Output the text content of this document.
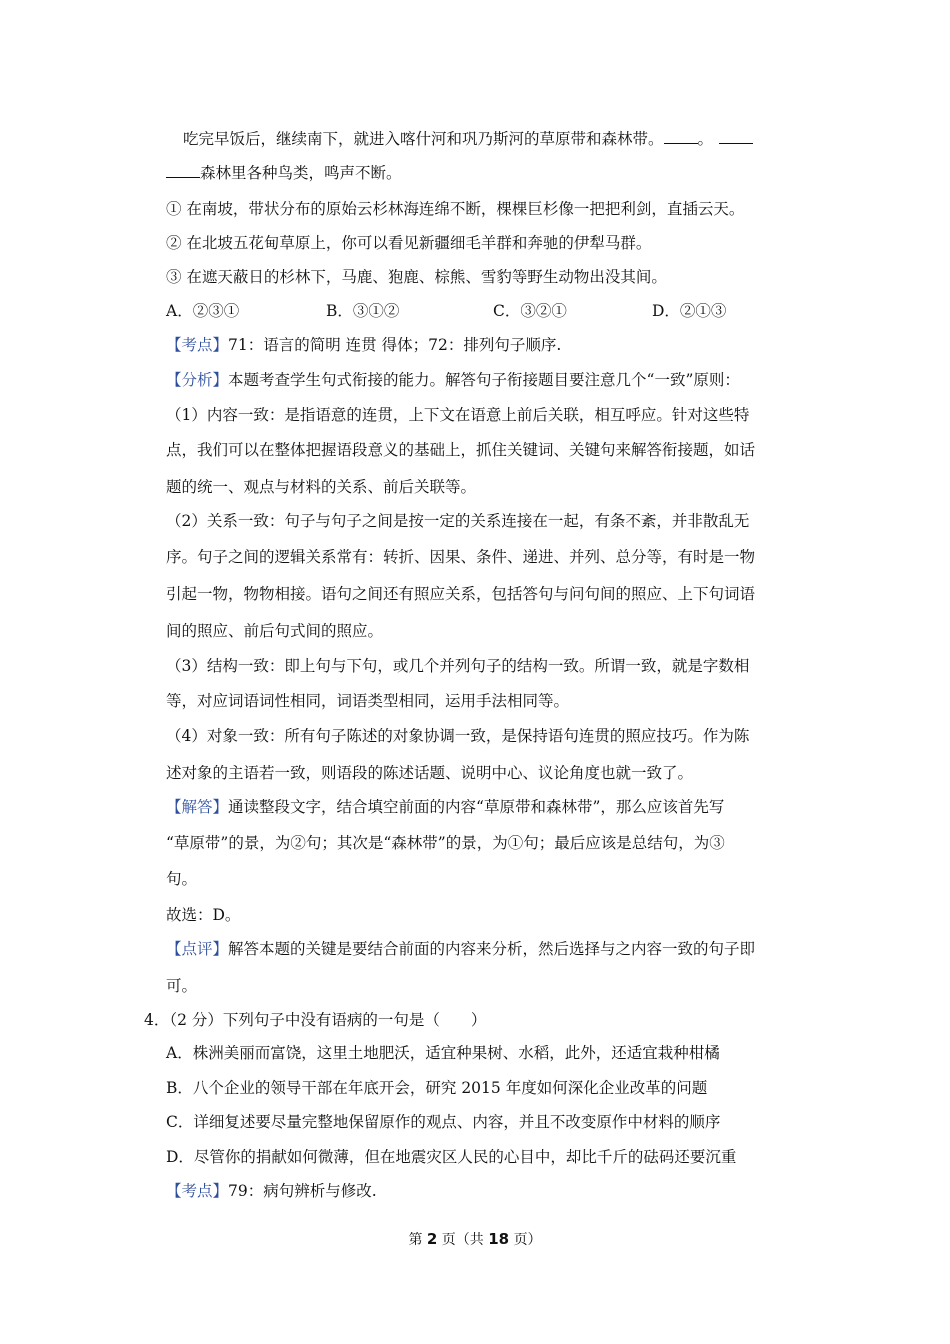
吃完早饭后，继续南下，就进入喀什河和巩乃斯河的草原带和森林带。 。
森林里各种鸟类，鸣声不断。
① 在南坡，带状分布的原始云杉林海连绵不断，棵棵巨杉像一把把利剑，直插云天。
② 在北坡五花甸草原上，你可以看见新疆细毛羊群和奔驰的伊犁马群。
③ 在遮天蔽日的杉林下，马鹿、狍鹿、棕熊、雪豹等野生动物出没其间。
A．②③①	B．③①②	C．③②①	D．②①③
【考点】71：语言的简明 连贯 得体；72：排列句子顺序.
【分析】本题考查学生句式衔接的能力。解答句子衔接题目要注意几个“一致”原则：
（1）内容一致：是指语意的连贯，上下文在语意上前后关联，相互呼应。针对这些特
点，我们可以在整体把握语段意义的基础上，抓住关键词、关键句来解答衔接题，如话
题的统一、观点与材料的关系、前后关联等。
（2）关系一致：句子与句子之间是按一定的关系连接在一起，有条不紊，并非散乱无
序。句子之间的逻辑关系常有：转折、因果、条件、递进、并列、总分等，有时是一物
引起一物，物物相接。语句之间还有照应关系，包括答句与问句间的照应、上下句词语
间的照应、前后句式间的照应。
（3）结构一致：即上句与下句，或几个并列句子的结构一致。所谓一致，就是字数相
等，对应词语词性相同，词语类型相同，运用手法相同等。
（4）对象一致：所有句子陈述的对象协调一致，是保持语句连贯的照应技巧。作为陈
述对象的主语若一致，则语段的陈述话题、说明中心、议论角度也就一致了。
【解答】通读整段文字，结合填空前面的内容“草原带和森林带”，那么应该首先写
“草原带”的景，为②句；其次是“森林带”的景，为①句；最后应该是总结句，为③
句。
故选：D。
【点评】解答本题的关键是要结合前面的内容来分析，然后选择与之内容一致的句子即
可。
4．（2 分）下列句子中没有语病的一句是（　　）
A．株洲美丽而富饶，这里土地肥沃，适宜种果树、水稻，此外，还适宜栽种柑橘
B．八个企业的领导干部在年底开会，研究 2015 年度如何深化企业改革的问题
C．详细复述要尽量完整地保留原作的观点、内容，并且不改变原作中材料的顺序
D．尽管你的捐献如何微薄，但在地震灾区人民的心目中，却比千斤的砝码还要沉重
【考点】79：病句辨析与修改.
第 2 页（共 18 页）
